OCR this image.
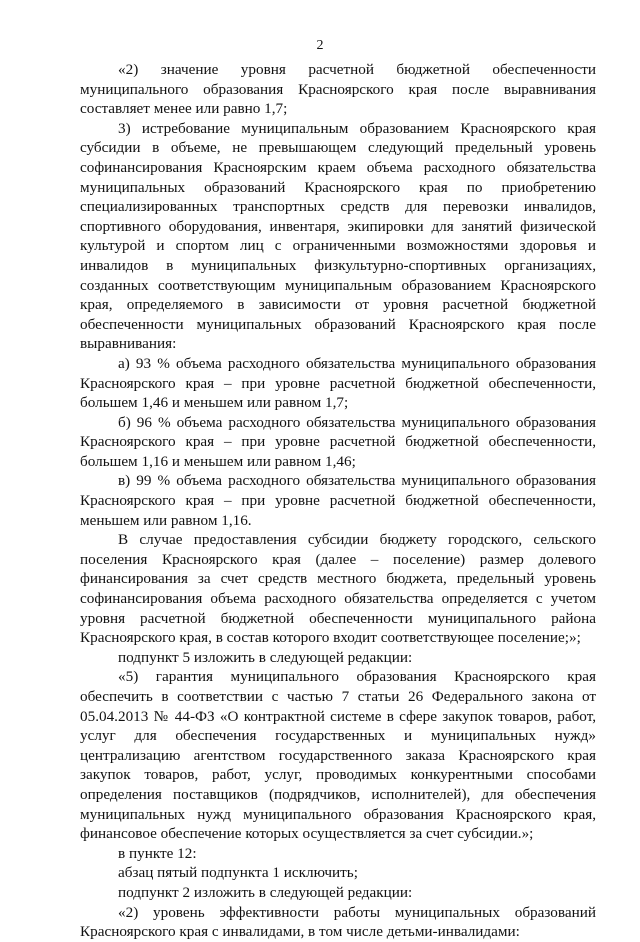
2

«2) значение уровня расчетной бюджетной обеспеченности муниципального образования Красноярского края после выравнивания составляет менее или равно 1,7;

3) истребование муниципальным образованием Красноярского края субсидии в объеме, не превышающем следующий предельный уровень софинансирования Красноярским краем объема расходного обязательства муниципальных образований Красноярского края по приобретению специализированных транспортных средств для перевозки инвалидов, спортивного оборудования, инвентаря, экипировки для занятий физической культурой и спортом лиц с ограниченными возможностями здоровья и инвалидов в муниципальных физкультурно-спортивных организациях, созданных соответствующим муниципальным образованием Красноярского края, определяемого в зависимости от уровня расчетной бюджетной обеспеченности муниципальных образований Красноярского края после выравнивания:

а) 93 % объема расходного обязательства муниципального образования Красноярского края – при уровне расчетной бюджетной обеспеченности, большем 1,46 и меньшем или равном 1,7;

б) 96 % объема расходного обязательства муниципального образования Красноярского края – при уровне расчетной бюджетной обеспеченности, большем 1,16 и меньшем или равном 1,46;

в) 99 % объема расходного обязательства муниципального образования Красноярского края – при уровне расчетной бюджетной обеспеченности, меньшем или равном 1,16.

В случае предоставления субсидии бюджету городского, сельского поселения Красноярского края (далее – поселение) размер долевого финансирования за счет средств местного бюджета, предельный уровень софинансирования объема расходного обязательства определяется с учетом уровня расчетной бюджетной обеспеченности муниципального района Красноярского края, в состав которого входит соответствующее поселение;»;

подпункт 5 изложить в следующей редакции:

«5) гарантия муниципального образования Красноярского края обеспечить в соответствии с частью 7 статьи 26 Федерального закона от 05.04.2013 № 44-ФЗ «О контрактной системе в сфере закупок товаров, работ, услуг для обеспечения государственных и муниципальных нужд» централизацию агентством государственного заказа Красноярского края закупок товаров, работ, услуг, проводимых конкурентными способами определения поставщиков (подрядчиков, исполнителей), для обеспечения муниципальных нужд муниципального образования Красноярского края, финансовое обеспечение которых осуществляется за счет субсидии.»;

в пункте 12:

абзац пятый подпункта 1 исключить;

подпункт 2 изложить в следующей редакции:

«2) уровень эффективности работы муниципальных образований Красноярского края с инвалидами, в том числе детьми-инвалидами:
